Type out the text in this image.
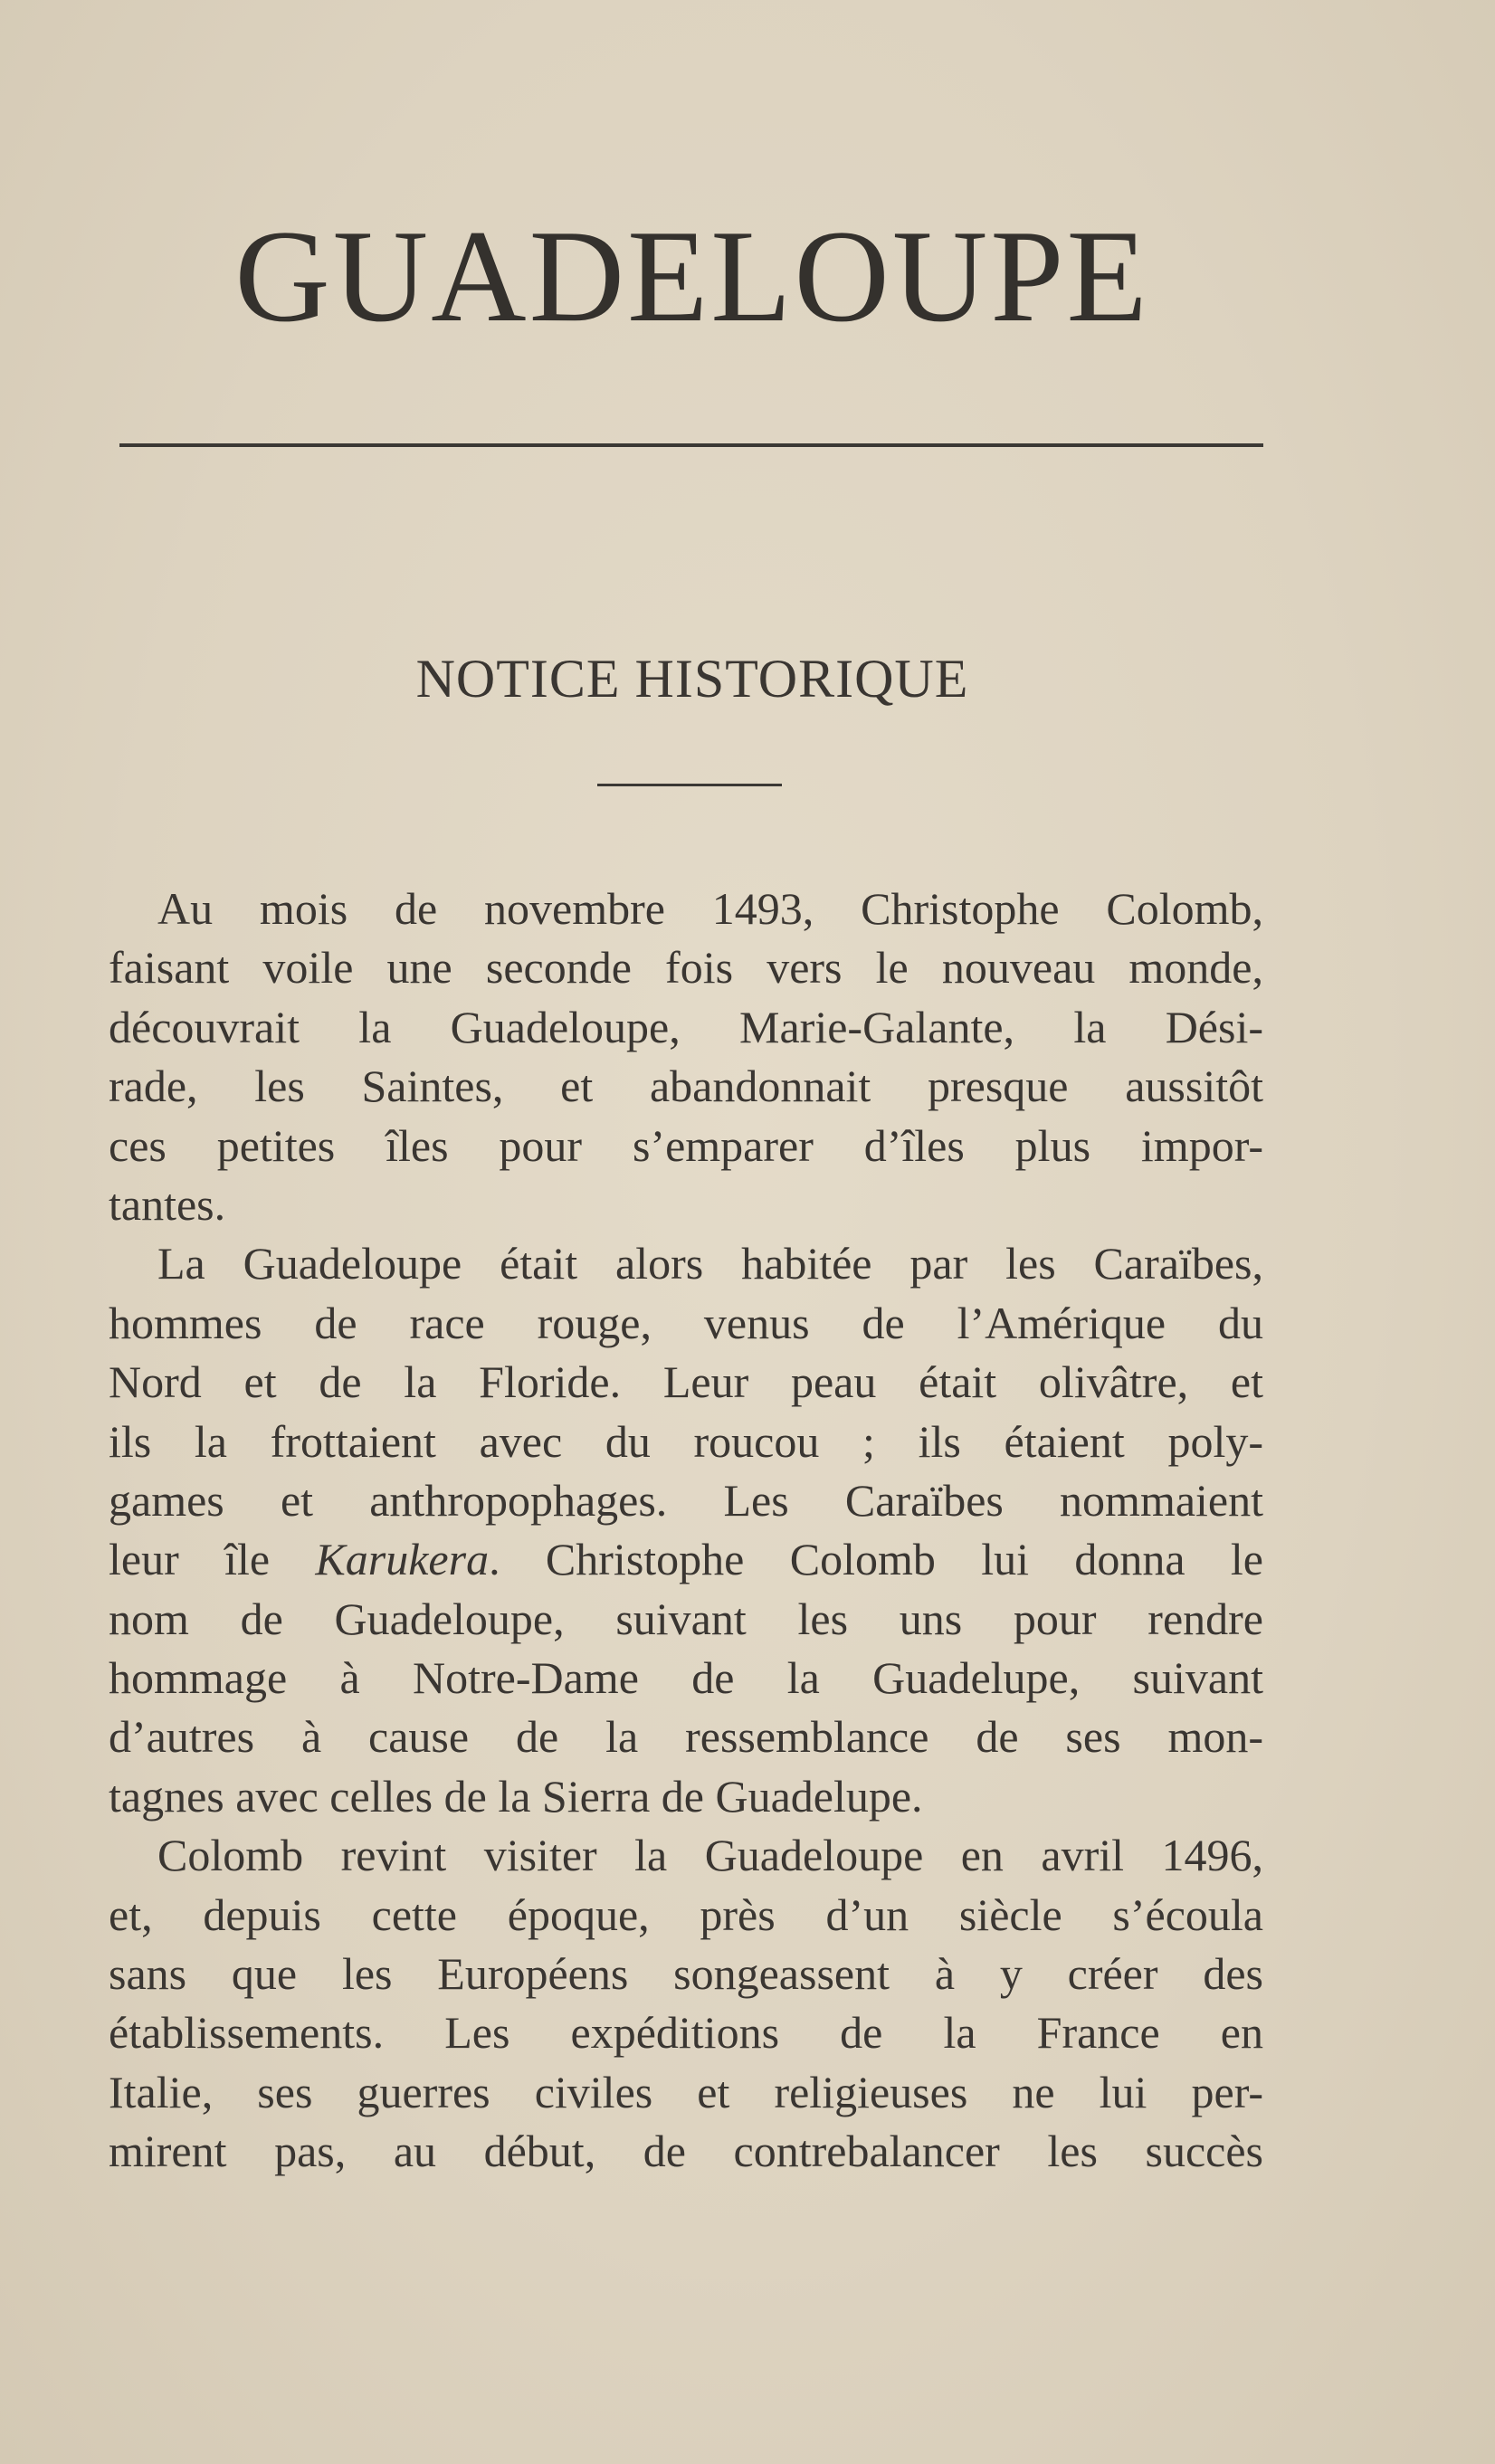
GUADELOUPE
NOTICE HISTORIQUE
Au mois de novembre 1493, Christophe Colomb,
faisant voile une seconde fois vers le nouveau monde,
découvrait la Guadeloupe, Marie-Galante, la Dési-
rade, les Saintes, et abandonnait presque aussitôt
ces petites îles pour s’emparer d’îles plus impor-
tantes.
La Guadeloupe était alors habitée par les Caraïbes,
hommes de race rouge, venus de l’Amérique du
Nord et de la Floride. Leur peau était olivâtre, et
ils la frottaient avec du roucou ; ils étaient poly-
games et anthropophages. Les Caraïbes nommaient
leur île Karukera. Christophe Colomb lui donna le
nom de Guadeloupe, suivant les uns pour rendre
hommage à Notre-Dame de la Guadelupe, suivant
d’autres à cause de la ressemblance de ses mon-
tagnes avec celles de la Sierra de Guadelupe.
Colomb revint visiter la Guadeloupe en avril 1496,
et, depuis cette époque, près d’un siècle s’écoula
sans que les Européens songeassent à y créer des
établissements. Les expéditions de la France en
Italie, ses guerres civiles et religieuses ne lui per-
mirent pas, au début, de contrebalancer les succès
